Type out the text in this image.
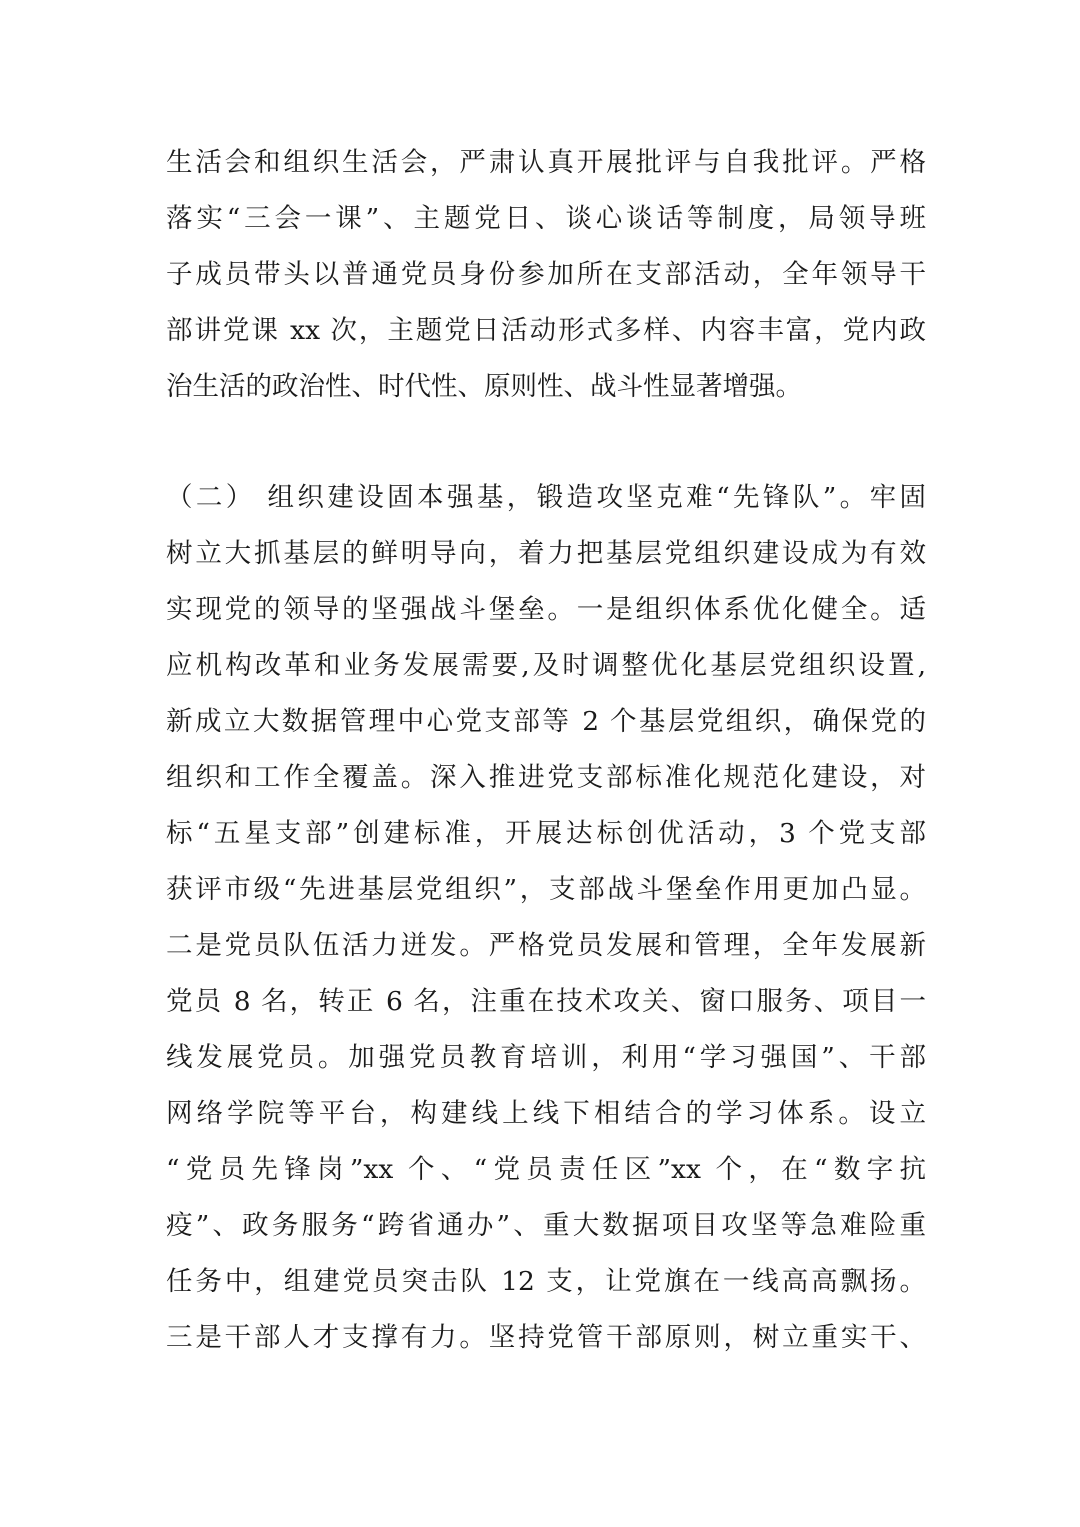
生活会和组织生活会，严肃认真开展批评与自我批评。严格
落实“三会一课”、主题党日、谈心谈话等制度，局领导班
子成员带头以普通党员身份参加所在支部活动，全年领导干
部讲党课 xx 次，主题党日活动形式多样、内容丰富，党内政
治生活的政治性、时代性、原则性、战斗性显著增强。
（二） 组织建设固本强基，锻造攻坚克难“先锋队”。牢固
树立大抓基层的鲜明导向，着力把基层党组织建设成为有效
实现党的领导的坚强战斗堡垒。一是组织体系优化健全。适
应机构改革和业务发展需要,及时调整优化基层党组织设置,
新成立大数据管理中心党支部等 2 个基层党组织，确保党的
组织和工作全覆盖。深入推进党支部标准化规范化建设，对
标“五星支部”创建标准，开展达标创优活动，3 个党支部
获评市级“先进基层党组织”，支部战斗堡垒作用更加凸显。
二是党员队伍活力迸发。严格党员发展和管理，全年发展新
党员 8 名，转正 6 名，注重在技术攻关、窗口服务、项目一
线发展党员。加强党员教育培训，利用“学习强国”、干部
网络学院等平台，构建线上线下相结合的学习体系。设立
“党员先锋岗”xx 个、“党员责任区”xx 个，在“数字抗
疫”、政务服务“跨省通办”、重大数据项目攻坚等急难险重
任务中，组建党员突击队 12 支，让党旗在一线高高飘扬。
三是干部人才支撑有力。坚持党管干部原则，树立重实干、
